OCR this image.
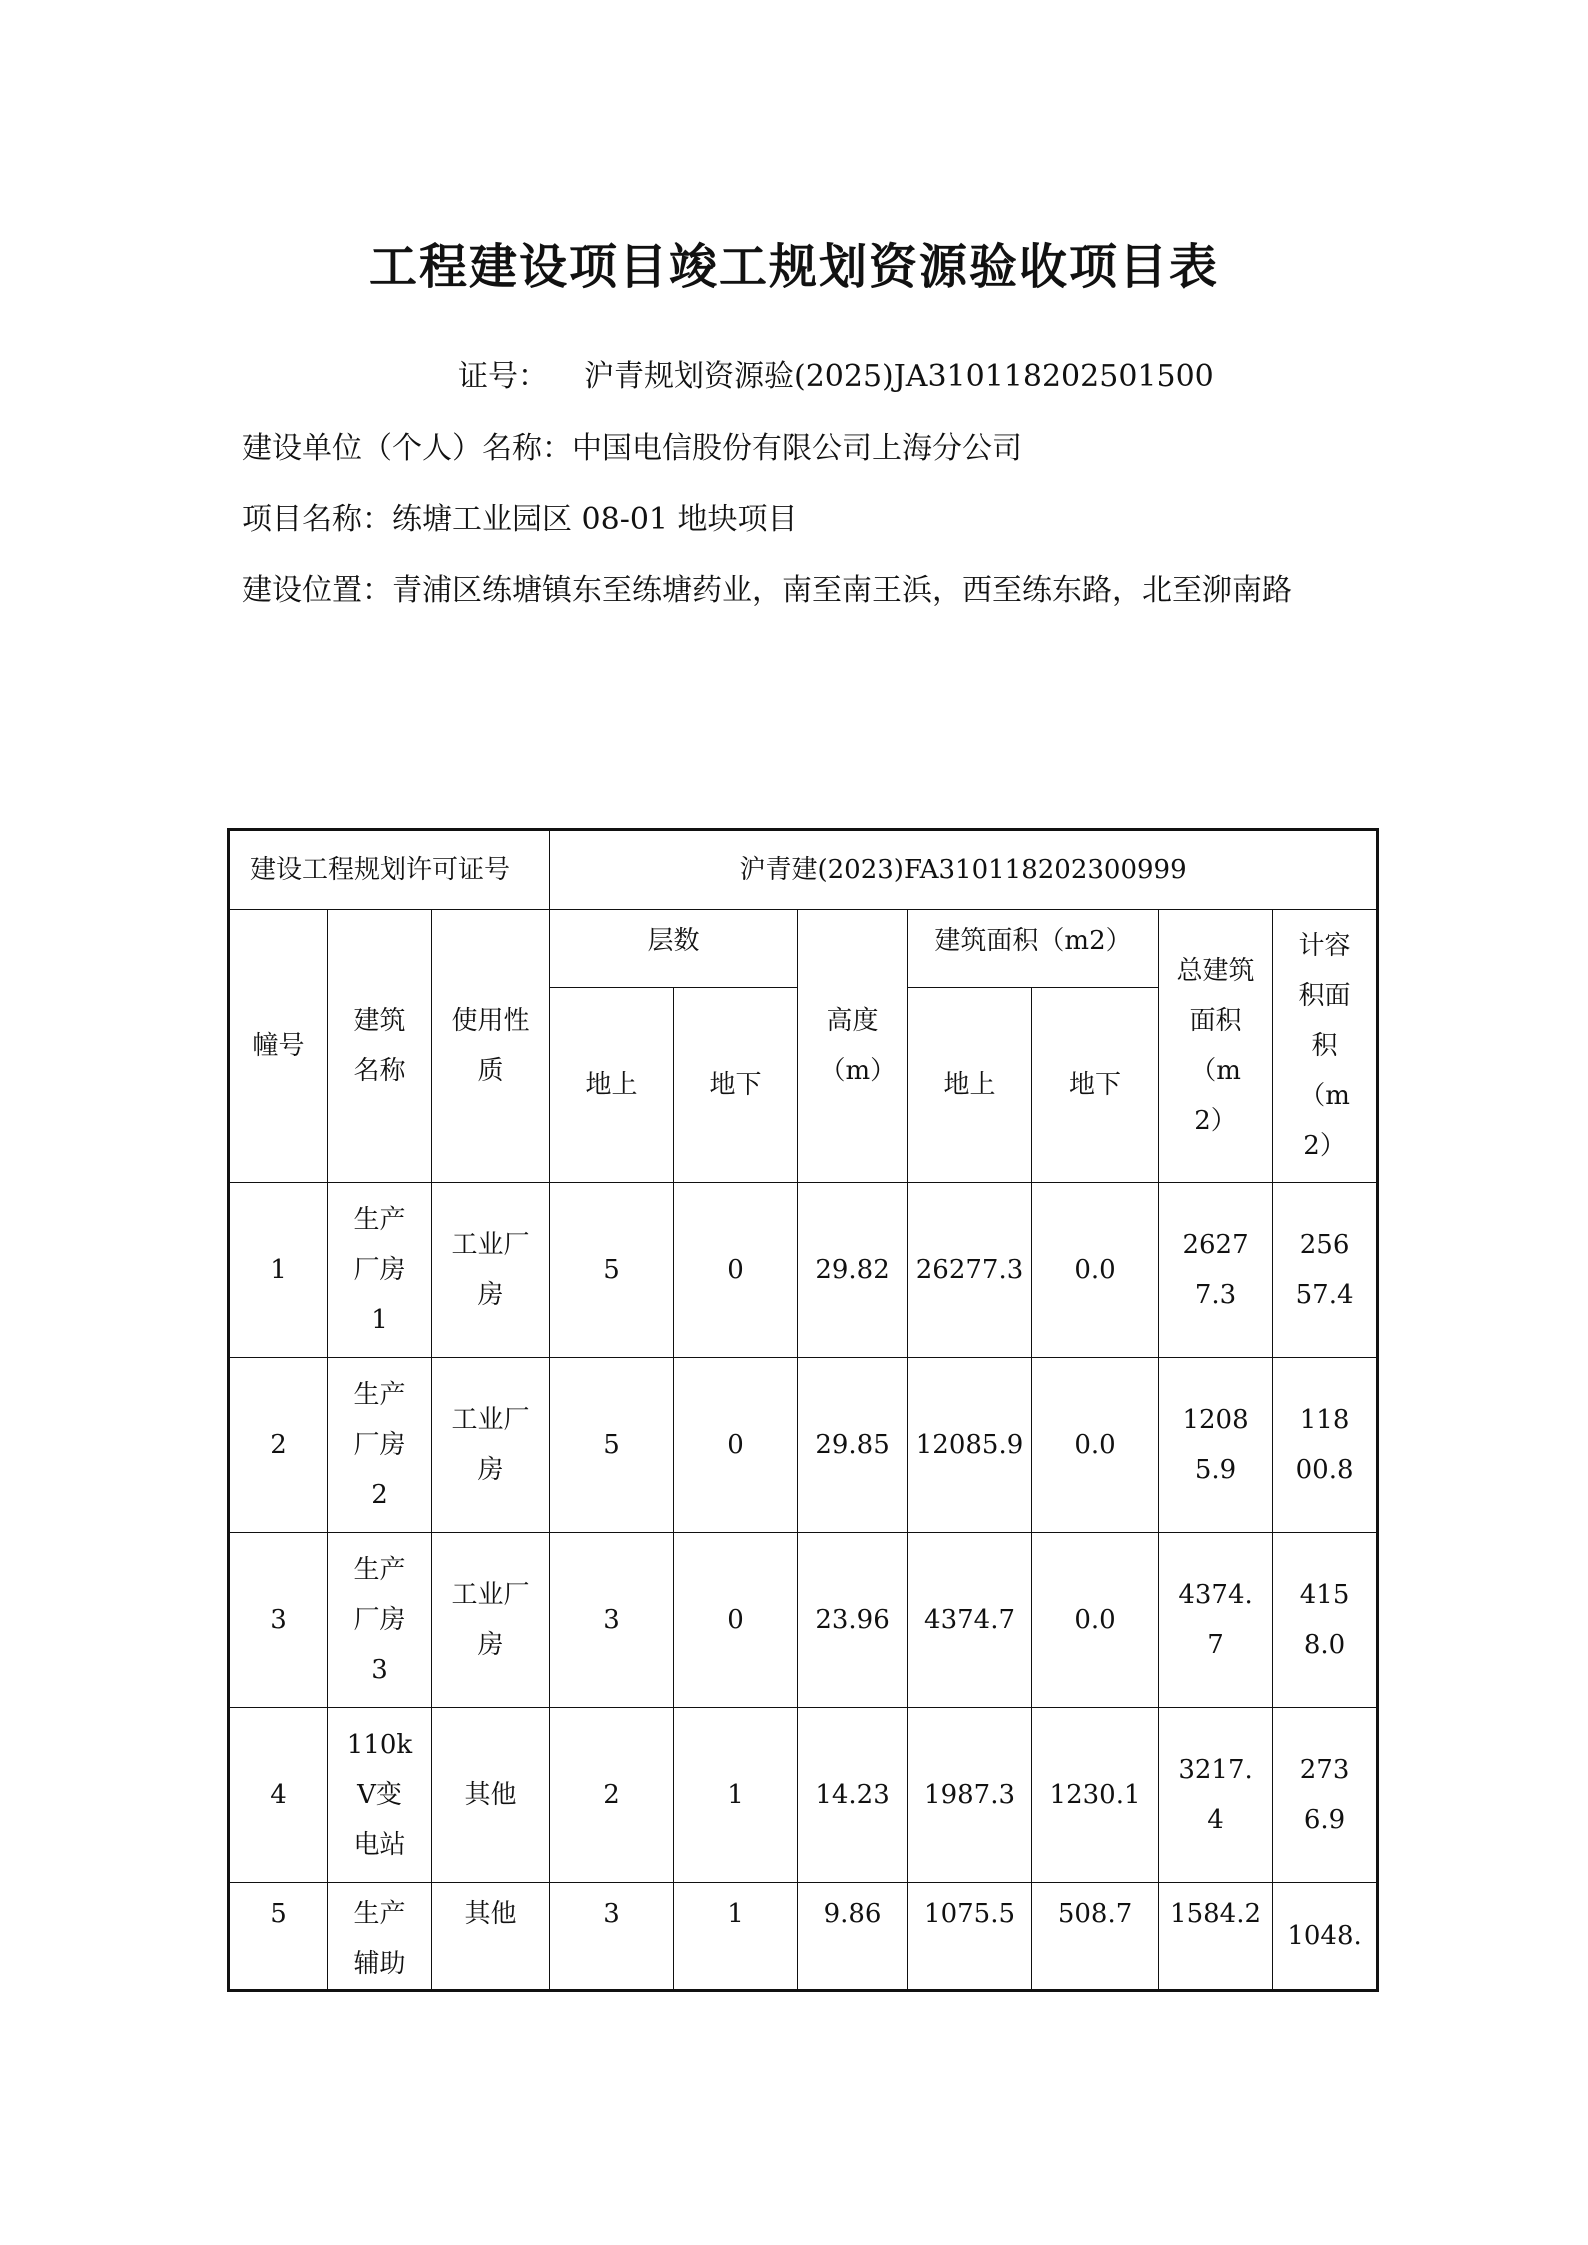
工程建设项目竣工规划资源验收项目表
证号： 沪青规划资源验(2025)JA310118202501500
建设单位（个人）名称：中国电信股份有限公司上海分公司
项目名称：练塘工业园区 08-01 地块项目
建设位置：青浦区练塘镇东至练塘药业，南至南王浜，西至练东路，北至泖南路
建设工程规划许可证号			沪青建(2023)FA310118202300999						
幢号	建筑名称	使用性质	层数		高度（m）	建筑面积（m2）		总建筑面积（m2）	计容积面积（m2）
			地上	地下		地上	地下		
1	生产厂房1	工业厂房	5	0	29.82	26277.3	0.0	26277.3	25657.4
2	生产厂房2	工业厂房	5	0	29.85	12085.9	0.0	12085.9	11800.8
3	生产厂房3	工业厂房	3	0	23.96	4374.7	0.0	4374.7	4158.0
4	110kV变电站	其他	2	1	14.23	1987.3	1230.1	3217.4	2736.9
5	生产辅助	其他	3	1	9.86	1075.5	508.7	1584.2	1048.
